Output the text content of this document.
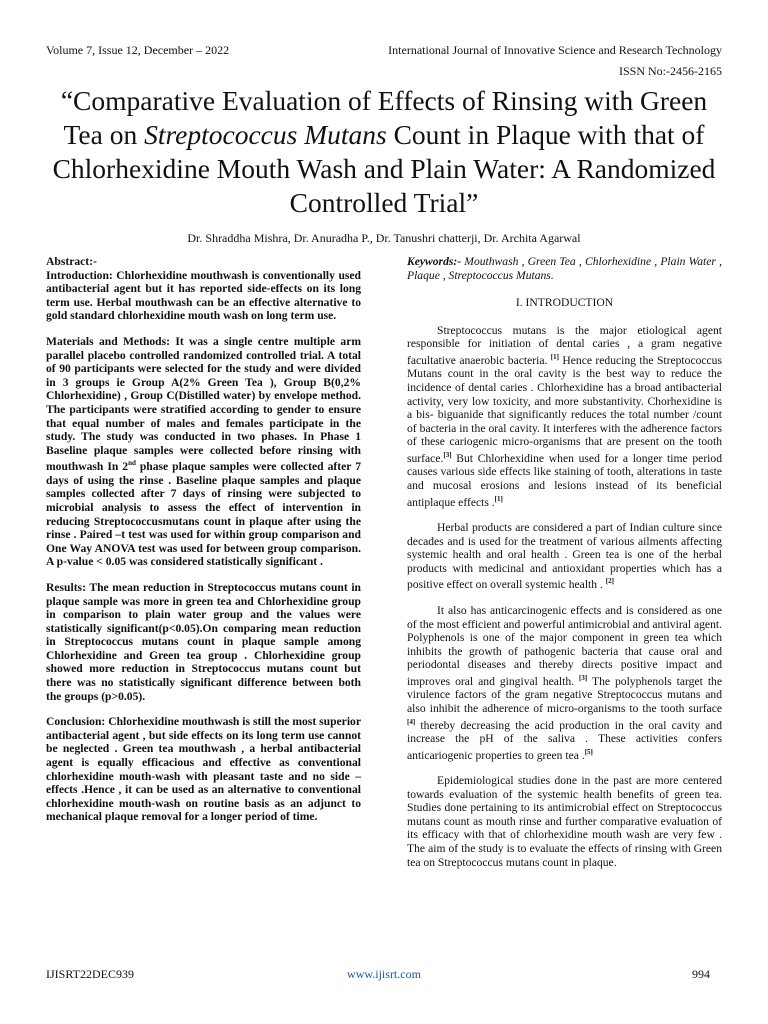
Volume 7, Issue 12, December – 2022	International Journal of Innovative Science and Research Technology
ISSN No:-2456-2165
“Comparative Evaluation of Effects of Rinsing with Green Tea on Streptococcus Mutans Count in Plaque with that of Chlorhexidine Mouth Wash and Plain Water: A Randomized Controlled Trial”
Dr. Shraddha Mishra, Dr. Anuradha P., Dr. Tanushri chatterji, Dr. Archita Agarwal

Abstract:-

Introduction: Chlorhexidine mouthwash is conventionally used antibacterial agent but it has reported side-effects on its long term use. Herbal mouthwash can be an effective alternative to gold standard chlorhexidine mouth wash on long term use.

Materials and Methods: It was a single centre multiple arm parallel placebo controlled randomized controlled trial. A total of 90 participants were selected for the study and were divided in 3 groups ie Group A(2% Green Tea ), Group B(0,2% Chlorhexidine) , Group C(Distilled water) by envelope method. The participants were stratified according to gender to ensure that equal number of males and females participate in the study. The study was conducted in two phases. In Phase 1 Baseline plaque samples were collected before rinsing with mouthwash In 2nd phase plaque samples were collected after 7 days of using the rinse . Baseline plaque samples and plaque samples collected after 7 days of rinsing were subjected to microbial analysis to assess the effect of intervention in reducing Streptococcusmutans count in plaque after using the rinse . Paired –t test was used for within group comparison and One Way ANOVA test was used for between group comparison. A p-value < 0.05 was considered statistically significant .

Results: The mean reduction in Streptococcus mutans count in plaque sample was more in green tea and Chlorhexidine group in comparison to plain water group and the values were statistically significant(p<0.05).On comparing mean reduction in Streptococcus mutans count in plaque sample among Chlorhexidine and Green tea group . Chlorhexidine group showed more reduction in Streptococcus mutans count but there was no statistically significant difference between both the groups (p>0.05).

Conclusion: Chlorhexidine mouthwash is still the most superior antibacterial agent , but side effects on its long term use cannot be neglected . Green tea mouthwash , a herbal antibacterial agent is equally efficacious and effective as conventional chlorhexidine mouth-wash with pleasant taste and no side –effects .Hence , it can be used as an alternative to conventional chlorhexidine mouth-wash on routine basis as an adjunct to mechanical plaque removal for a longer period of time.

Keywords:- Mouthwash , Green Tea , Chlorhexidine , Plain Water , Plaque , Streptococcus Mutans.

I. INTRODUCTION

Streptococcus mutans is the major etiological agent responsible for initiation of dental caries , a gram negative facultative anaerobic bacteria. [1] Hence reducing the Streptococcus Mutans count in the oral cavity is the best way to reduce the incidence of dental caries . Chlorhexidine has a broad antibacterial activity, very low toxicity, and more substantivity. Chorhexidine is a bis- biguanide that significantly reduces the total number /count of bacteria in the oral cavity. It interferes with the adherence factors of these cariogenic micro-organisms that are present on the tooth surface.[3] But Chlorhexidine when used for a longer time period causes various side effects like staining of tooth, alterations in taste and mucosal erosions and lesions instead of its beneficial antiplaque effects .[1]

Herbal products are considered a part of Indian culture since decades and is used for the treatment of various ailments affecting systemic health and oral health . Green tea is one of the herbal products with medicinal and antioxidant properties which has a positive effect on overall systemic health . [2]

It also has anticarcinogenic effects and is considered as one of the most efficient and powerful antimicrobial and antiviral agent. Polyphenols is one of the major component in green tea which inhibits the growth of pathogenic bacteria that cause oral and periodontal diseases and thereby directs positive impact and improves oral and gingival health. [3] The polyphenols target the virulence factors of the gram negative Streptococcus mutans and also inhibit the adherence of micro-organisms to the tooth surface [4] thereby decreasing the acid production in the oral cavity and increase the pH of the saliva . These activities confers anticariogenic properties to green tea .[5]

Epidemiological studies done in the past are more centered towards evaluation of the systemic health benefits of green tea. Studies done pertaining to its antimicrobial effect on Streptococcus mutans count as mouth rinse and further comparative evaluation of its efficacy with that of chlorhexidine mouth wash are very few . The aim of the study is to evaluate the effects of rinsing with Green tea on Streptococcus mutans count in plaque.

IJISRT22DEC939	www.ijisrt.com	994
